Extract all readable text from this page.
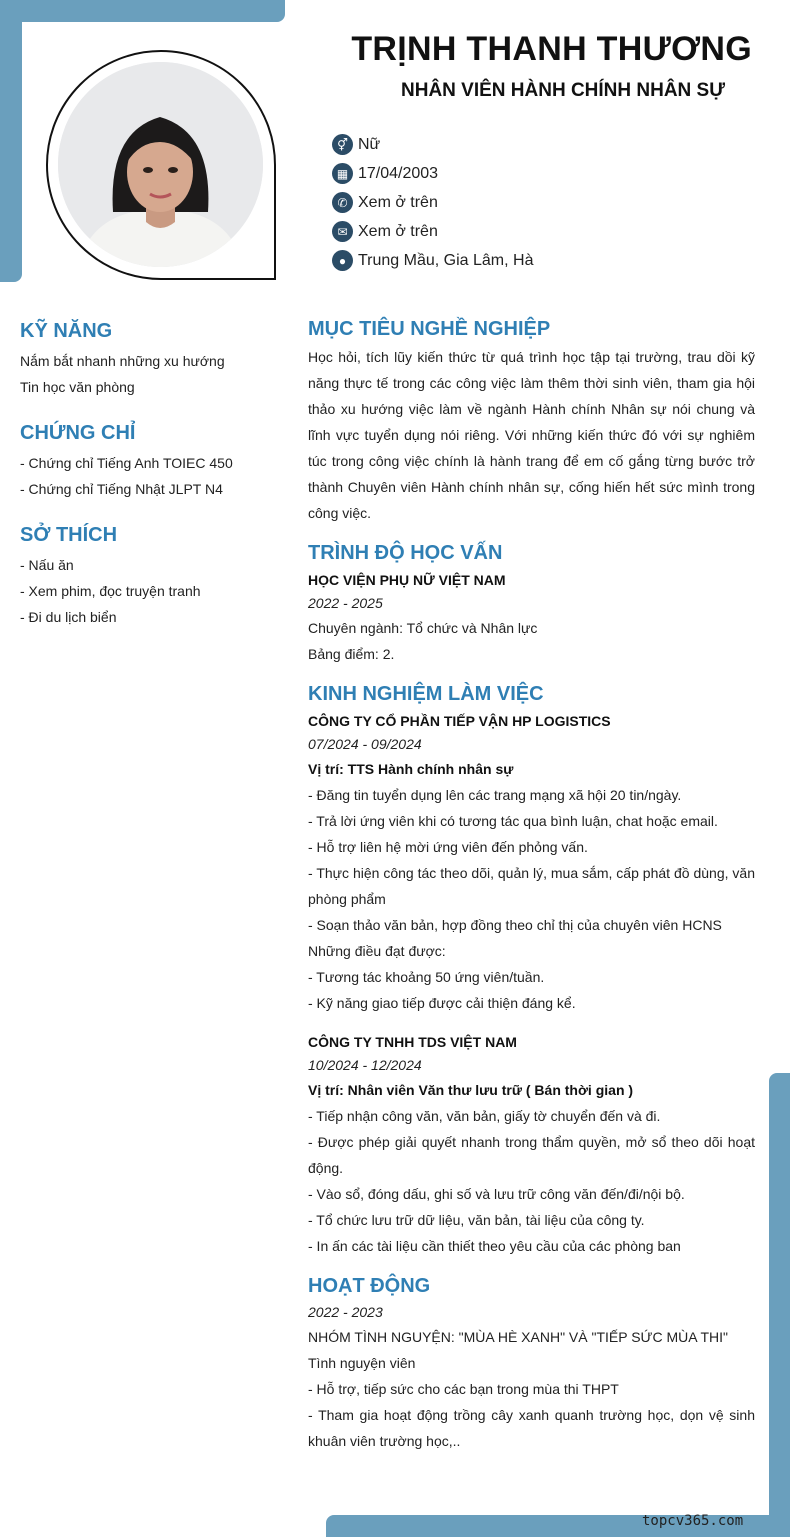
TRỊNH THANH THƯƠNG
NHÂN VIÊN HÀNH CHÍNH NHÂN SỰ
⚥ Nữ
▦ 17/04/2003
✆ Xem ở trên
✉ Xem ở trên
● Trung Mầu, Gia Lâm, Hà
KỸ NĂNG
Nắm bắt nhanh những xu hướng
Tin học văn phòng
CHỨNG CHỈ
- Chứng chỉ Tiếng Anh TOIEC 450
- Chứng chỉ Tiếng Nhật JLPT N4
SỞ THÍCH
- Nấu ăn
- Xem phim, đọc truyện tranh
- Đi du lịch biển
MỤC TIÊU NGHỀ NGHIỆP
Học hỏi, tích lũy kiến thức từ quá trình học tập tại trường, trau dồi kỹ năng thực tế trong các công việc làm thêm thời sinh viên, tham gia hội thảo xu hướng việc làm về ngành Hành chính Nhân sự nói chung và lĩnh vực tuyển dụng nói riêng. Với những kiến thức đó với sự nghiêm túc trong công việc chính là hành trang để em cố gắng từng bước trở thành Chuyên viên Hành chính nhân sự, cống hiến hết sức mình trong công việc.
TRÌNH ĐỘ HỌC VẤN
HỌC VIỆN PHỤ NỮ VIỆT NAM
2022 - 2025
Chuyên ngành: Tổ chức và Nhân lực
Bảng điểm: 2.
KINH NGHIỆM LÀM VIỆC
CÔNG TY CỔ PHẦN TIẾP VẬN HP LOGISTICS
07/2024 - 09/2024
Vị trí: TTS Hành chính nhân sự
- Đăng tin tuyển dụng lên các trang mạng xã hội 20 tin/ngày.
- Trả lời ứng viên khi có tương tác qua bình luận, chat hoặc email.
- Hỗ trợ liên hệ mời ứng viên đến phỏng vấn.
- Thực hiện công tác theo dõi, quản lý, mua sắm, cấp phát đồ dùng, văn phòng phẩm
- Soạn thảo văn bản, hợp đồng theo chỉ thị của chuyên viên HCNS
Những điều đạt được:
- Tương tác khoảng 50 ứng viên/tuần.
- Kỹ năng giao tiếp được cải thiện đáng kể.
CÔNG TY TNHH TDS VIỆT NAM
10/2024 - 12/2024
Vị trí: Nhân viên Văn thư lưu trữ ( Bán thời gian )
- Tiếp nhận công văn, văn bản, giấy tờ chuyển đến và đi.
- Được phép giải quyết nhanh trong thẩm quyền, mở sổ theo dõi hoạt động.
- Vào sổ, đóng dấu, ghi số và lưu trữ công văn đến/đi/nội bộ.
- Tổ chức lưu trữ dữ liệu, văn bản, tài liệu của công ty.
- In ấn các tài liệu cần thiết theo yêu cầu của các phòng ban
HOẠT ĐỘNG
2022 - 2023
NHÓM TÌNH NGUYỆN: "MÙA HÈ XANH" VÀ "TIẾP SỨC MÙA THI"
Tình nguyện viên
- Hỗ trợ, tiếp sức cho các bạn trong mùa thi THPT
- Tham gia hoạt động trồng cây xanh quanh trường học, dọn vệ sinh khuân viên trường học,..
topcv365.com
